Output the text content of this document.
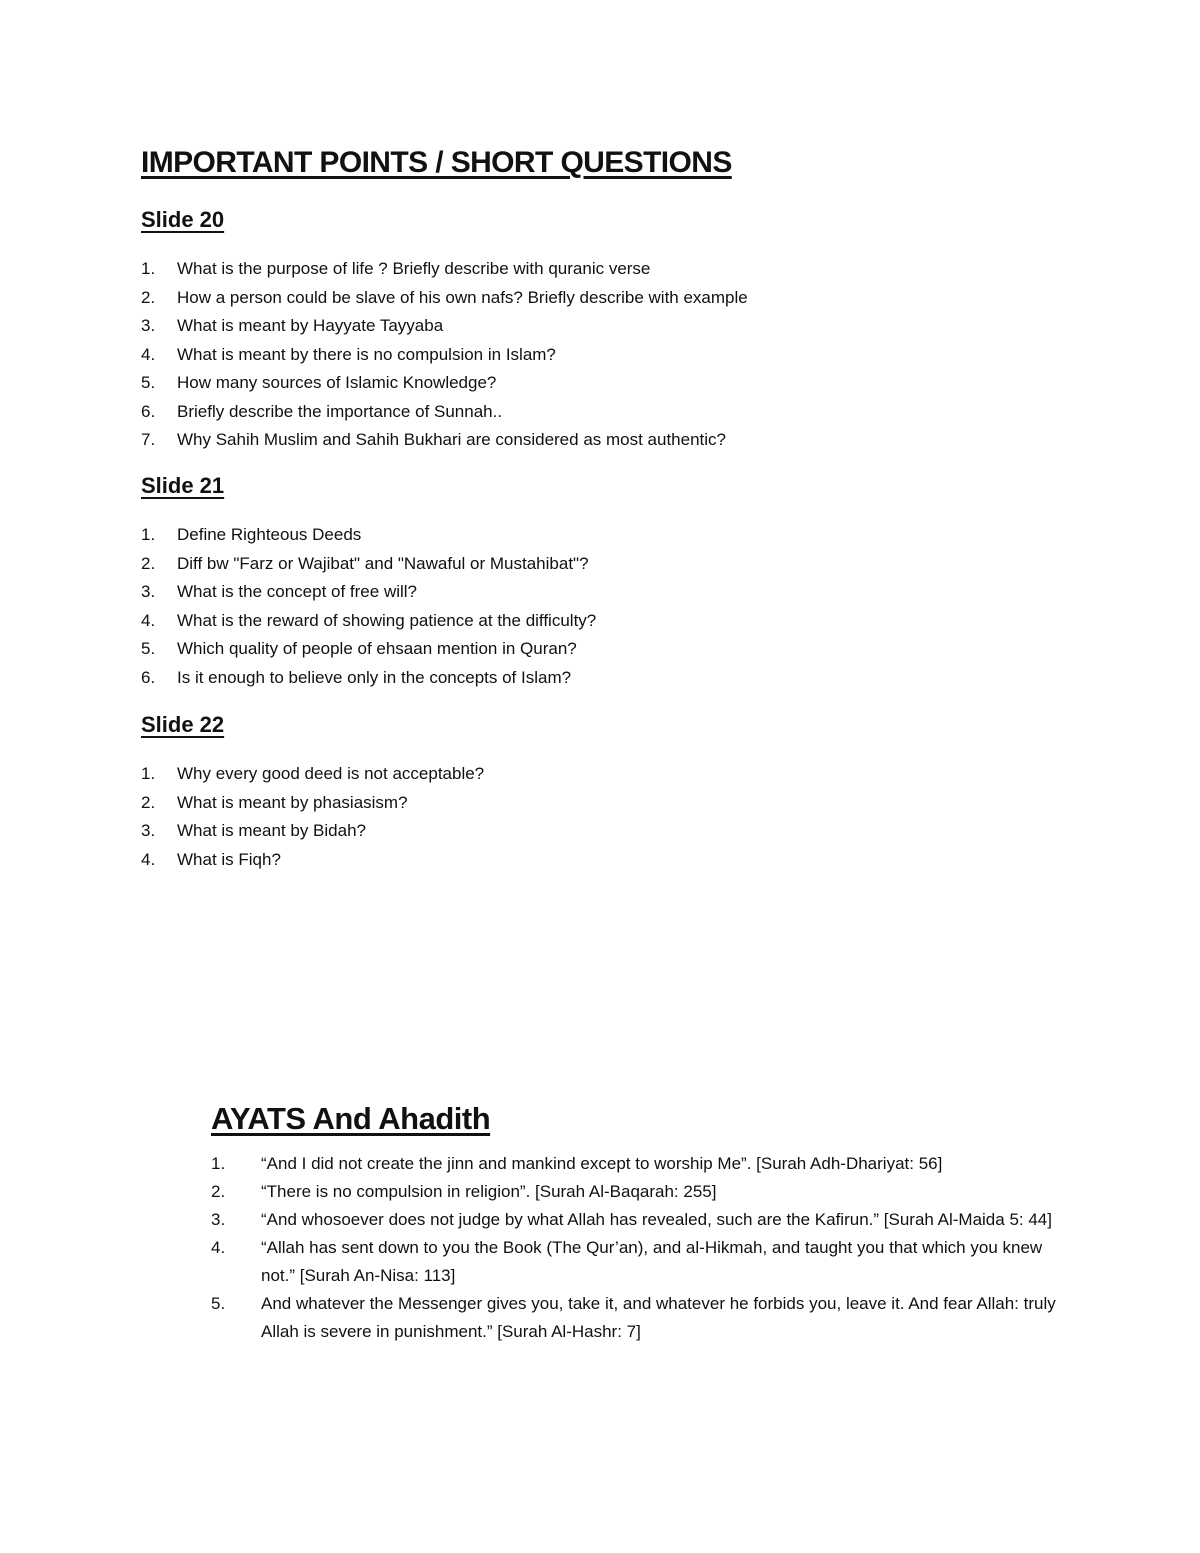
IMPORTANT POINTS / SHORT QUESTIONS
Slide 20
1. What is the purpose of life ? Briefly describe with quranic verse
2. How a person could be slave of his own nafs? Briefly describe with example
3. What is meant by Hayyate Tayyaba
4. What is meant by there is no compulsion in Islam?
5. How many sources of Islamic Knowledge?
6. Briefly describe the importance of Sunnah..
7. Why Sahih Muslim and Sahih Bukhari are considered as most authentic?
Slide 21
1. Define Righteous Deeds
2. Diff bw "Farz or Wajibat" and "Nawaful or Mustahibat"?
3. What is the concept of free will?
4. What is the reward of showing patience at the difficulty?
5. Which quality of people of ehsaan mention in Quran?
6. Is it enough to believe only in the concepts of Islam?
Slide 22
1. Why every good deed is not acceptable?
2. What is meant by phasiasism?
3. What is meant by Bidah?
4. What is Fiqh?
AYATS And Ahadith
1. “And I did not create the jinn and mankind except to worship Me”. [Surah Adh-Dhariyat: 56]
2. “There is no compulsion in religion”. [Surah Al-Baqarah: 255]
3. “And whosoever does not judge by what Allah has revealed, such are the Kafirun.” [Surah Al-Maida 5: 44]
4. “Allah has sent down to you the Book (The Qur’an), and al-Hikmah, and taught you that which you knew not.” [Surah An-Nisa: 113]
5. And whatever the Messenger gives you, take it, and whatever he forbids you, leave it. And fear Allah: truly Allah is severe in punishment.” [Surah Al-Hashr: 7]
